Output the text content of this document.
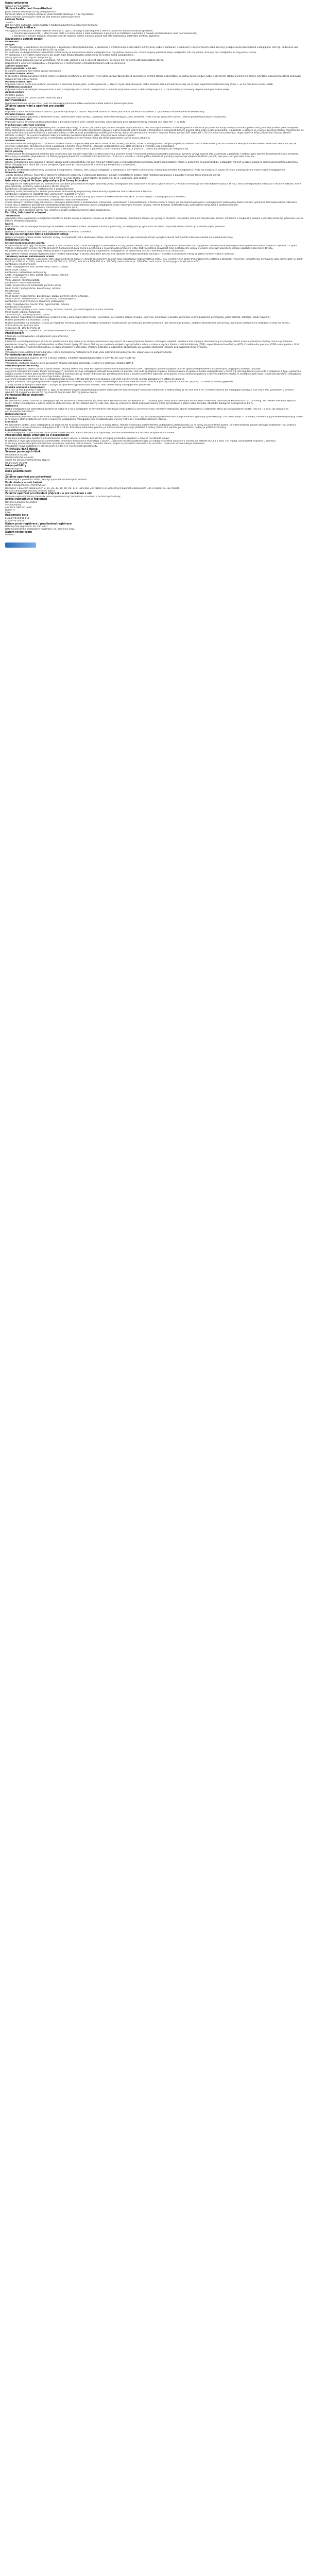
Název přípravku
Galvus 50 mg tablety
Složení kvalitativní i kvantitativní
Jedna tableta obsahuje 50 mg vildagliptinum.
Pomocná látka se známým účinkem: jedna tableta obsahuje 47,82 mg laktosy.
Úplný seznam pomocných látek viz bod Seznam pomocných látek.
Léková forma
Tableta
Bílé až světle nažloutlé, kulaté tablety s hladkým povrchem a zkosenými hranami.
Terapeutické indikace
Vildagliptin je indikován k léčbě diabetes mellitus 2. typu u dospělých jako doplněk k dietě a cvičení ke zlepšení kontroly glykémie:
- v monoterapii u pacientů, u kterých není dieta a cvičení samo o sobě dostačující a pro které je metformin nevhodný z důvodu kontraindikace nebo nesnášenlivosti;
- v kombinaci s dalšími léčivými přípravky k léčbě diabetu včetně inzulinu, pokud tyto léky neposkytují adekvátní kontrolu glykémie.
Dávkování a způsob podání
Dávkování
Dospělí
Při monoterapii, v kombinaci s metforminem, v kombinaci s thiazolidindionem, v kombinaci s metforminem a derivátem sulfonylurey nebo v kombinaci s inzulinem (s metforminem nebo bez něj) je doporučená denní dávka vildagliptinu 100 mg, podávaná jako jedna dávka 50 mg ráno a jedna dávka 50 mg večer.
Při podávání ve dvojkombinaci s derivátem sulfonylurey je doporučená dávka vildagliptinu 50 mg jednou denně ráno. U této skupiny pacientů nebyl vildagliptin 100 mg denně účinnější než vildagliptin 50 mg jednou denně.
Při kombinaci s derivátem sulfonylurey lze zvážit nižší dávku derivátu sulfonylurey ke snížení rizika hypoglykémie.
Dávky vyšší než 100 mg se nedoporučují.
Pokud je dávka přípravku Galvus vynechána, má se užít, jakmile si na ni pacient vzpomene. Ve stejný den se nemá užít dvojnásobná dávka.
Bezpečnost a účinnost vildagliptinu v trojkombinaci s metforminem a thiazolidindionem nebyla stanovena.
Zvláštní populace
Starší pacienti (≥ 65 let)
U starších pacientů není nutná úprava dávkování.
Porucha funkce ledvin
U pacientů s lehkou poruchou funkce ledvin (clearance kreatininu ≥ 50 ml/min) není nutná úprava dávkování. U pacientů se středně těžkou nebo těžkou poruchou funkce ledvin nebo v konečném stádiu onemocnění ledvin (ESRD) je doporučená dávka přípravku Galvus 50 mg jednou denně.
Porucha funkce jater
Přípravek Galvus nemá být podáván pacientům s poruchou funkce jater, včetně pacientů, u kterých byla před zahájením léčby hodnota alaninaminotransferázy (ALT) nebo aspartátaminotransferázy (AST) > 3x horní hranice normy (ULN).
Pediatrická populace
Přípravek Galvus se nedoporučuje používat u dětí a dospívajících (< 18 let). Bezpečnost a účinnost přípravku Galvus u dětí a dospívajících (< 18 let) nebyly stanoveny. Nejsou dostupné žádné údaje.
Způsob podání
Perorální podání.
Přípravek Galvus lze užívat s jídlem nebo bez jídla.
Kontraindikace
Hypersenzitivita na léčivou látku nebo na kteroukoli pomocnou látku uvedenou v bodě Seznam pomocných látek.
Zvláštní upozornění a opatření pro použití
Obecné
Přípravek Galvus není náhradou inzulinu u pacientů vyžadujících inzulin. Přípravek Galvus se nemá používat u pacientů s diabetem 1. typu nebo k léčbě diabetické ketoacidózy.
Porucha funkce ledvin
Zkušenosti s léčbou pacientů v konečném stádiu onemocnění ledvin (ESRD), kteří jsou léčeni hemodialýzou, jsou omezené. Proto má být přípravek Galvus u těchto pacientů používán s opatrností.
Porucha funkce jater
Přípravek Galvus se nemá podávat pacientům s poruchou funkce jater, včetně pacientů, u kterých byla před zahájením léčby hodnota ALT nebo AST > 3x ULN.
Monitorování jaterních enzymů
Byly hlášeny vzácné případy dysfunkce jater (včetně hepatitidy). V těchto případech byli pacienti obvykle asymptomatičtí, bez klinických následků a hodnoty jaterních testů se po přerušení léčby vrátily k normálu. Jaterní testy je nutno provést před zahájením léčby přípravkem Galvus, aby byly známy výchozí hodnoty. Během léčby přípravkem Galvus je nutno sledovat jaterní funkce v tříměsíčních intervalech během prvního roku léčby a poté pravidelně. U pacientů, u kterých se vyvinou zvýšené hladiny transamináz, se má provést kontrola jaterních testů k potvrzení nálezu a dále se mají pravidelně provádět jaterní testy, dokud se abnormalita nevrátí k normálu. Pokud zvýšení AST nebo ALT o 3x ULN nebo více přetrvává, doporučuje se léčbu přípravkem Galvus ukončit.
Pacienti, u kterých se vyvine žloutenka nebo jiné známky svědčící o dysfunkci jater, mají přípravek Galvus vysadit.
Po vysazení léčby přípravkem Galvus a normalizaci výsledků jaterních testů nemá být léčba přípravkem Galvus znovu zahájena.
Srdeční selhání
Klinické hodnocení vildagliptinu u pacientů s funkční třídou I–III podle New York Heart Association (NYHA) prokázalo, že léčba vildagliptinem nebyla spojena se změnou funkce levé komory ani se zhoršením existujícího městnavého srdečního selhání (CHF) ve srovnání s placebem. Klinické zkušenosti u pacientů s funkční třídou NYHA III léčených vildagliptinem jsou stále omezené a výsledky jsou neprůkazné.
Nejsou žádné zkušenosti s použitím vildagliptinu v klinických hodnoceních u pacientů s funkční třídou NYHA IV, a proto se u těchto pacientů použití nedoporučuje.
Kožní poruchy
V neklinických toxikologických studiích byly u končetin opic hlášeny kožní léze, včetně puchýřů a ulcerací. Ačkoli v klinických hodnoceních nebyl pozorován zvýšený výskyt kožních lézí, zkušenosti u pacientů s diabetickými kožními komplikacemi jsou omezené. Navíc byly po uvedení přípravku na trh hlášeny případy bulózních a exfoliativních kožních lézí. Proto se v souladu s rutinní péčí o diabetické pacienty doporučuje sledování kožních poruch, jako jsou puchýře nebo ulcerace.
Akutní pankreatitida
Užívání vildagliptinu bylo spojeno s rizikem vzniku akutní pankreatitidy. Pacienti mají být informováni o charakteristickém příznaku akutní pankreatitidy. Pokud je podezření na pankreatitidu, vildagliptin má být vysazen; pokud je akutní pankreatitida potvrzena, léčba vildagliptinem nemá být znovu zahájena. Opatrnosti je třeba u pacientů s akutní pankreatitidou v anamnéze.
Hypoglykémie
Je známo, že deriváty sulfonylurey vyvolávají hypoglykémii. Pacienti, kteří užívají vildagliptin v kombinaci s derivátem sulfonylurey, mohou být ohroženi hypoglykémií. Proto lze zvážit nižší dávku derivátu sulfonylurey ke snížení rizika hypoglykémie.
Pomocné látky
Tablety obsahují laktosu. Pacienti se vzácnými dědičnými problémy s intolerancí galaktosy, úplným nedostatkem laktázy nebo malabsorpcí glukosy a galaktosy nemají tento přípravek užívat.
Tento léčivý přípravek obsahuje méně než 1 mmol (23 mg) sodíku v jedné tabletě, to znamená, že je v podstatě „bez sodíku“.
Interakce s jinými léčivými přípravky a jiné formy interakce
Vildagliptin má nízký potenciál pro interakce se současně podávanými léčivými přípravky. Jelikož vildagliptin není substrátem enzymu cytochromu P (CYP) 450 a neinhibuje ani neindukuje enzymy CYP 450, není pravděpodobná interakce s léčivými látkami, které jsou substráty, inhibitory nebo induktory těchto enzymů.
Kombinace s pioglitazonem, metforminem a glibenklamidem
Výsledky studií provedených s těmito perorálními antidiabetiky neprokázaly žádné klinicky významné farmakokinetické interakce.
Kombinace s digoxinem (substrát Pgp), warfarinem (substrát CYP2C9)
Klinické studie provedené se zdravými subjekty neprokázaly žádné klinicky významné farmakokinetické interakce. To však nebylo u cílové populace stanoveno.
Kombinace s amlodipinem, ramiprilem, valsartanem nebo simvastatinem
Studie lékových interakcí byly provedeny u zdravých dobrovolníků s amlodipinem, ramiprilem, valsartanem a simvastatinem. V těchto studiích nebyly po současném podávání s vildagliptinem pozorovány žádné klinicky významné farmakokinetické interakce.
Stejně jako u ostatních perorálních antidiabetik může být hypoglykemický účinek vildagliptinu snížen některými léčivými látkami, včetně thiazidů, kortikosteroidů, tyreoidálních přípravků a sympatomimetik.
Kombinace s inhibitory angiotensin konvertujícího enzymu (ACE)
U pacientů, kteří současně užívají ACE inhibitory, může existovat zvýšené riziko angioedému.
Fertilita, těhotenství a kojení
Těhotenství
Adekvátní údaje o podávání vildagliptinu těhotným ženám nejsou k dispozici. Studie na zvířatech prokázaly reprodukční toxicitu při vysokých dávkách. Potenciální riziko pro člověka není známé. Vzhledem k chybějícím údajům u člověka nemá být přípravek Galvus během těhotenství podáván.
Kojení
Není známo, zda se vildagliptin vylučuje do lidského mateřského mléka. Studie na zvířatech prokázaly, že vildagliptin je vylučován do mléka. Přípravek Galvus nemá být v období kojení podáván.
Fertilita
Nebyly provedeny žádné studie vlivu přípravku Galvus na fertilitu u člověka.
Účinky na schopnost řídit a obsluhovat stroje
Nebyly provedeny žádné studie hodnotící účinky na schopnost řídit a obsluhovat stroje. Pacienti, u kterých se jako nežádoucí účinek vyskytne závrať, nemají řídit motorová vozidla ani obsluhovat stroje.
Nežádoucí účinky
Shrnutí bezpečnostního profilu
Údaje o bezpečnosti byly získány od celkem 3 784 pacientů, kteří užívali vildagliptin v denní dávce 50 mg (jednou denně) nebo 100 mg (50 mg dvakrát denně nebo 100 mg jednou denně) v kontrolovaných klinických hodnoceních trvajících nejméně 12 týdnů.
Většina nežádoucích účinků v těchto klinických hodnoceních byla mírná a přechodná a nevyžadovala přerušení léčby. Nebyla zjištěna souvislost mezi nežádoucími účinky a věkem, etnickým původem, délkou expozice nebo denní dávkou.
Po uvedení přípravku na trh byly hlášeny případy angioedému. Hlášené případy angioedému vildagliptinu se objevovaly častěji v kombinaci s ACE inhibitorem.
Byly hlášeny vzácné případy dysfunkce jater (včetně hepatitidy). V těchto případech byli pacienti obvykle asymptomatičtí bez klinických následků a po ukončení léčby se jaterní funkce vrátily k normálu.
Tabulkový seznam nežádoucích účinků
Nežádoucí účinky hlášené u pacientů, kteří užívali přípravek Galvus v dvojitě zaslepených studiích jako monoterapii nebo přídatnou léčbu, jsou uvedeny níže podle tříd orgánových systémů a absolutní frekvence. Četnosti jsou definovány jako velmi časté (≥ 1/10), časté (≥ 1/100 až < 1/10), méně časté (≥ 1/1 000 až < 1/100), vzácné (≥ 1/10 000 až < 1/1 000), velmi vzácné (< 1/10 000), není známo (z dostupných údajů nelze určit).
Kombinace s metforminem
Časté: hypoglykémie, třes, bolest hlavy, závrať, nauzea.
Méně časté: únava.
Kombinace s derivátem sulfonylurey
Časté: hypoglykémie, třes, bolest hlavy, závrať, astenie.
Méně časté: zácpa.
Velmi vzácné: nazofaryngitida.
Kombinace s thiazolidindionem
Časté: zvýšení tělesné hmotnosti, periferní edém.
Méně časté: hypoglykémie, bolest hlavy, astenie.
Monoterapie
Časté: závrať.
Méně časté: hypoglykémie, bolest hlavy, zácpa, periferní edém, artralgie.
Velmi vzácné: infekce horních cest dýchacích, nazofaryngitida.
Kombinace s metforminem a derivátem sulfonylurey
Časté: hypoglykémie, závrať, třes, hyperhidróza, astenie.
Kombinace s inzulinem
Časté: snížení glukosy v krvi, bolest hlavy, zimnice, nauzea, gastroezofageální refluxní choroba.
Méně časté: průjem, flatulence.
Zkušenosti po uvedení přípravku na trh
Není známo: hepatitida (reverzibilní po vysazení léčby), abnormální jaterní testy (reverzibilní po vysazení léčby), myalgie, kopřivka, exfoliativní a bulózní kožní léze včetně bulózního pemfigoidu, pankreatitida, artralgie, někdy závažná.
Hlášení podezření na nežádoucí účinky
Hlášení podezření na nežádoucí účinky po registraci léčivého přípravku je důležité. Umožňuje to pokračovat ve sledování poměru přínosů a rizik léčivého přípravku. Žádáme zdravotnické pracovníky, aby hlásili podezření na nežádoucí účinky na adresu:
Státní ústav pro kontrolu léčiv
Šrobárova 48, 100 41 Praha 10
Webové stránky: http://www.sukl.cz/nahlasit-nezadouci-ucinek
Předávkování
Informace o předávkování vildagliptinem jsou omezené.
Příznaky
Informace o pravděpodobných příznacích předávkování byly získány ze studie snášenlivosti zvyšujících se dávek přípravku Galvus u zdravých subjektů. Při dávce 400 mg byly zaznamenány tři případy bolesti svalů a jednotlivé případy mírné a přechodné parestezie, horečky, edému a přechodného zvýšení hladin lipázy. Při dávce 600 mg se u jednoho subjektu vyskytl edém nohou a rukou a zvýšení hladin kreatinfosfokinázy (CPK), aspartátaminotransferázy (AST), C-reaktivního proteinu (CRP) a myoglobinu. U tří dalších subjektů se vyskytl edém nohou, ve dvou případech s parestezií. Všechny příznaky a laboratorní abnormality po vysazení studijního léčivého přípravku bez léčby vymizely.
Léčba
Vildagliptin nelze odstranit hemodialýzou. Hlavní hydrolytický metabolit (LAY 151) však odstranit hemodialýzou lze. Doporučuje se podpůrná léčba.
Farmakodynamické vlastnosti
Farmakoterapeutická skupina: Léčiva k terapii diabetu, inhibitory dipeptidylpeptidázy 4 (DPP-4), ATC kód: A10BH02
Mechanismus účinku
Vildagliptin, zástupce skupiny látek zvyšujících aktivitu ostrůvků pankreatu, je účinný a selektivní inhibitor DPP-4.
Farmakodynamické účinky
Podání vildagliptinu vede k rychlé a úplné inhibici aktivity DPP-4, což vede ke zvýšení hladin inkretinových hormonů GLP-1 (glukagonu podobný peptid 1) a GIP (glukózo-dependentní inzulinotropní polypeptid) nalačno i po jídle.
Zvýšením endogenních hladin těchto inkretinových hormonů zvyšuje vildagliptin citlivost beta-buněk na glukosu, což vede ke zlepšení sekrece inzulinu závislé na glukose. Léčba vildagliptinem v dávce 50–100 mg denně u pacientů s diabetem 2. typu významně zlepšila markery funkce beta-buněk včetně HOMA-β (homeostatický model hodnocení β), poměru proinzulinu k inzulinu a měřítek odpovědi beta-buněk z testu tolerance potravy s častým odběrem vzorků. U nediabetických osob (s normální glykémií) vildagliptin nestimuluje sekreci inzulinu ani nesnižuje hladinu glukosy.
Zvýšením endogenních hladin GLP-1 vildagliptin také zvyšuje citlivost alfa-buněk na glukosu, což vede k přiměřenější sekreci glukagonu ve vztahu ke glukose.
Zvýšení poměru inzulin/glukagon během hyperglykémie v důsledku zvýšených hladin inkretinových hormonů vede ke snížení produkce glukosy v játrech nalačno i po jídle, což vede ke snížení glykémie.
Známý účinek zvýšených hladin GLP-1, kterým je opožděné vyprazdňování žaludku, není během léčby vildagliptinem pozorován.
Klinická účinnost a bezpečnost
Více než 15 000 pacientů s diabetem 2. typu se zúčastnilo dvojitě zaslepených placebem nebo aktivně kontrolovaných klinických hodnocení s délkou léčby až do více než 2 let. V těchto studiích byl vildagliptin podáván více než 9 000 pacientům v denních dávkách 50 mg jednou denně, 50 mg dvakrát denně nebo 100 mg jednou denně.
Farmakokinetické vlastnosti
Absorpce
Po perorálním podání nalačno se vildagliptin rychle vstřebává s maximálními plazmatickými koncentracemi dosaženými za 1,7 hodiny. Jídlo mírně prodlužuje dobu do dosažení maximální plazmatické koncentrace na 2,5 hodiny, ale nemění celkovou expozici (AUC). Podání vildagliptinu s jídlem vedlo ke snížení Cmax (19 %). Velikost změny však není klinicky významná, takže přípravek Galvus může být podáván s jídlem nebo bez jídla. Absolutní biologická dostupnost je 85 %.
Distribuce
Vazba vildagliptinu na plazmatické proteiny je nízká (9,3 %) a vildagliptin se rovnoměrně distribuuje mezi plazmu a červené krvinky. Průměrný distribuční objem vildagliptinu v ustáleném stavu po intravenózním podání (Vss) je 71 litrů, což ukazuje na extravaskulární distribuci.
Biotransformace
Metabolismus je hlavní cestou eliminace vildagliptinu u člověka, na kterou připadá 69 % dávky. Hlavní metabolit (LAY 151) je farmakologicky neaktivní a je produktem hydrolýzy kyanoskupiny, což představuje 57 % dávky, následovaný produktem hydrolýzy amidu (4 % dávky). DPP-4 částečně přispívá k hydrolýze vildagliptinu. Vildagliptin není metabolizován enzymy CYP 450 v kvantifikovatelném rozsahu.
Eliminace
Po perorálním podání [14C] vildagliptinu se přibližně 85 % dávky vyloučilo močí a 15 % dávky stolicí. Renální vylučování nezměněného vildagliptinu představovalo 23 % dávky po perorálním podání. Po intravenózním podání zdravým subjektům jsou celková plazmatická a renální clearance vildagliptinu 41 a 13 l/h. Průměrný eliminační poločas po intravenózním podání je přibližně 2 hodiny. Eliminační poločas po perorálním podání je přibližně 3 hodiny.
Linearita/nelinearita
Cmax vildagliptinu a plocha pod křivkou plazmatické koncentrace v čase (AUC) se zvyšovaly přibližně úměrně dávce v rozsahu terapeutických dávek.
Předklinické údaje vztahující se k bezpečnosti
U psů bylo pozorováno zpoždění intrakardiálního vedení vzruchu s dávkou bez účinku 15 mg/kg (7násobek expozice u člověka na základě Cmax).
U potkanů a myší bylo pozorováno nahromadění pěnových alveolárních makrofágů v plicích. Dávka bez účinku u potkanů byla 25 mg/kg (5násobek expozice u člověka na základě AUC) a u myší 750 mg/kg (142násobek expozice u člověka).
U psů byly pozorovány gastrointestinální symptomy, zejména měkká stolice, mukoidní stolice, průjem a při vyšších dávkách krev ve stolici. Dávka bez účinku nebyla stanovena.
Vildagliptin nebyl mutagenní v konvenčních in vitro a in vivo testech genotoxicity.
FARMACEUTICKÉ ÚDAJE
Seznam pomocných látek
Monohydrát laktosy
Mikrokrystalická celulosa
Sodná sůl karboxymethylškrobu (typ A)
Magnesium-stearát
Inkompatibility
Neuplatňuje se.
Doba použitelnosti
3 roky
Zvláštní opatření pro uchovávání
Uchovávejte v původním obalu, aby byl přípravek chráněn před vlhkostí.
Druh obalu a obsah balení
Blistr z hliníku/hliníku (PA/Al/PVC//Al)
Dostupné v baleních obsahujících 7, 14, 28, 30, 56, 60, 90, 112, 180 nebo 336 tablet a ve vícečetných baleních obsahujících 336 (3 balení po 112) tablet.
Na trhu nemusí být všechny velikosti balení.
Zvláštní opatření pro likvidaci přípravku a pro zacházení s ním
Všechen nepoužitý léčivý přípravek nebo odpad musí být zlikvidován v souladu s místními požadavky.
Držitel rozhodnutí o registraci
Novartis Europharm Limited
Vista Building
Elm Park, Merrion Road
Dublin 4
Irsko
Registrační čísla
EU/1/07/414/001-011
EU/1/07/414/018
Datum první registrace / prodloužení registrace
Datum první registrace: 26. září 2007
Datum posledního prodloužení registrace: 19. července 2012
Datum revize textu
06/2021
